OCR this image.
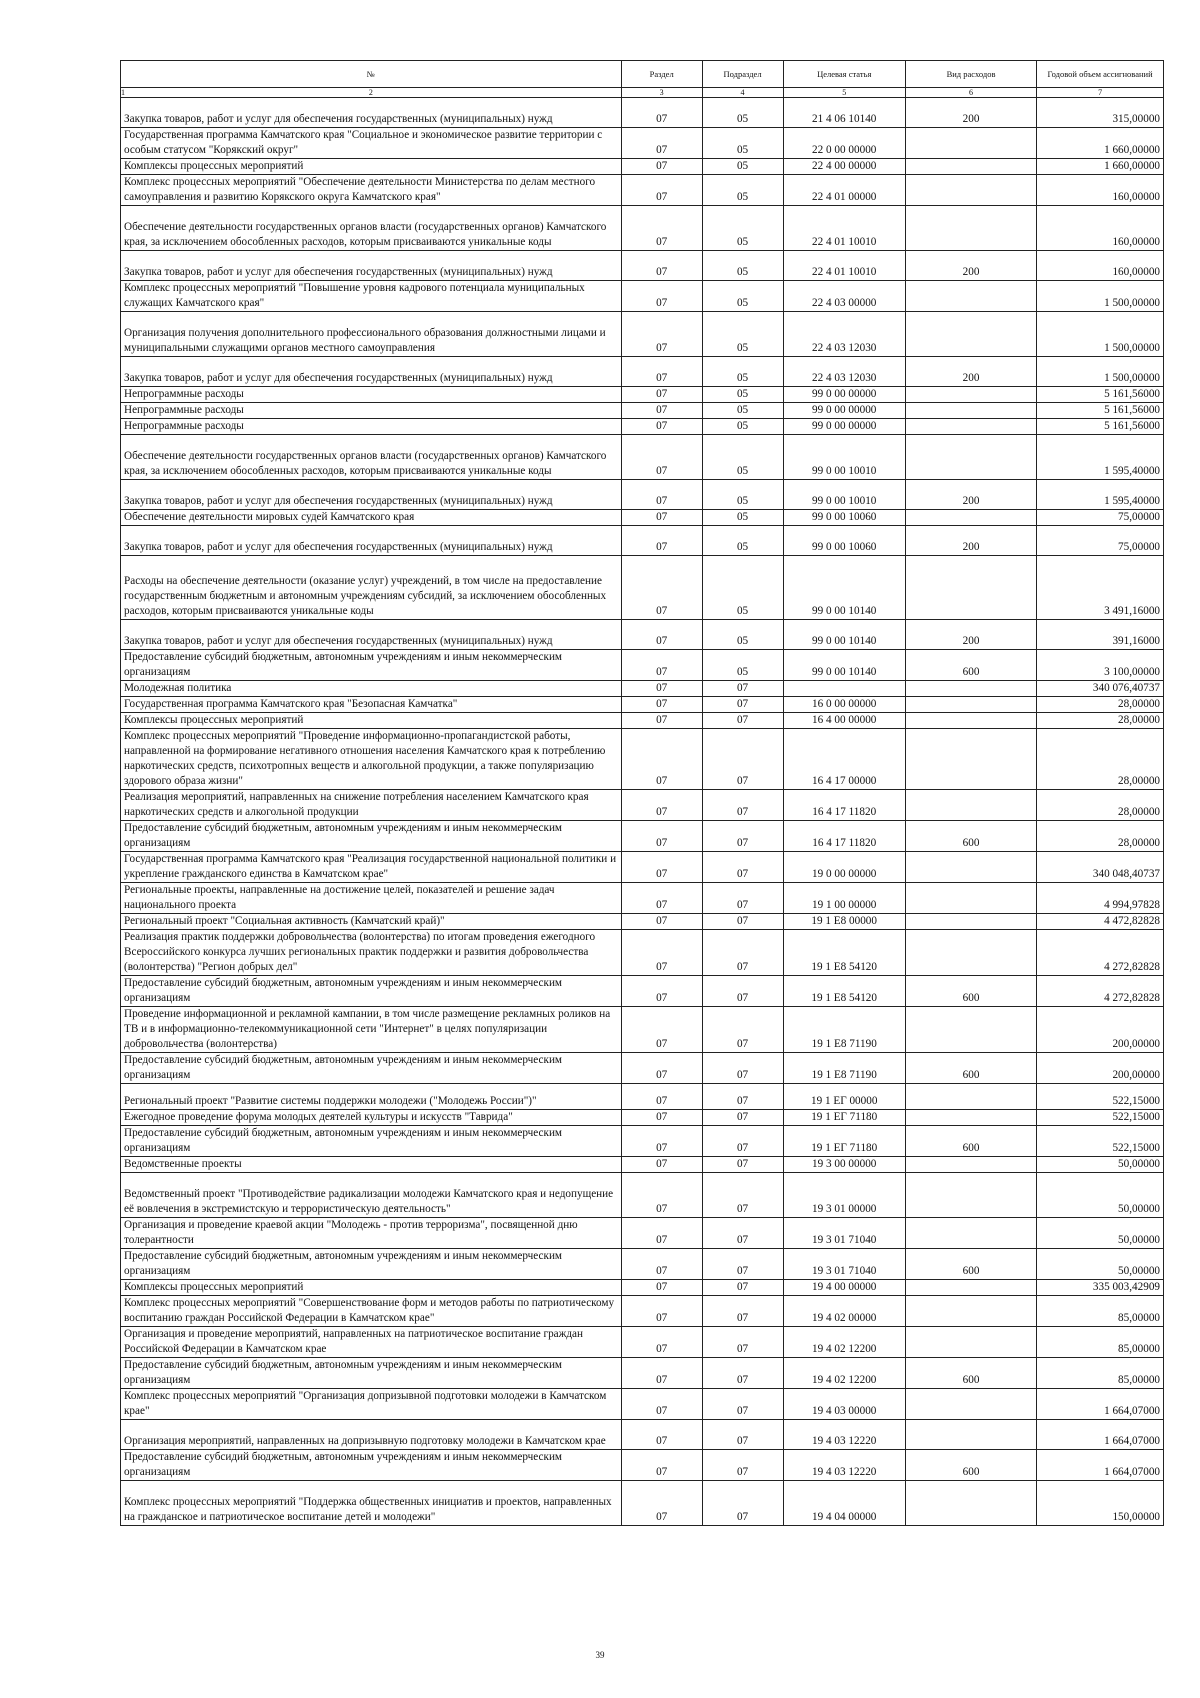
№	Раздел	Подраздел	Целевая статья	Вид расходов	Годовой объем ассигнований
1	2	3	4	5	6	7
	Закупка товаров, работ и услуг для обеспечения государственных (муниципальных) нужд	07	05	21 4 06 10140	200	315,00000
	Государственная программа Камчатского края "Социальное и экономическое развитие территории с особым статусом "Корякский округ"	07	05	22 0 00 00000		1 660,00000
	Комплексы процессных мероприятий	07	05	22 4 00 00000		1 660,00000
	Комплекс процессных мероприятий "Обеспечение деятельности Министерства по делам местного самоуправления и развитию Корякского округа Камчатского края"	07	05	22 4 01 00000		160,00000
	Обеспечение деятельности государственных органов власти (государственных органов) Камчатского края, за исключением обособленных расходов, которым присваиваются уникальные коды	07	05	22 4 01 10010		160,00000
	Закупка товаров, работ и услуг для обеспечения государственных (муниципальных) нужд	07	05	22 4 01 10010	200	160,00000
	Комплекс процессных мероприятий "Повышение уровня кадрового потенциала муниципальных служащих Камчатского края"	07	05	22 4 03 00000		1 500,00000
	Организация получения дополнительного профессионального образования должностными лицами и муниципальными служащими органов местного самоуправления	07	05	22 4 03 12030		1 500,00000
	Закупка товаров, работ и услуг для обеспечения государственных (муниципальных) нужд	07	05	22 4 03 12030	200	1 500,00000
	Непрограммные расходы	07	05	99 0 00 00000		5 161,56000
	Непрограммные расходы	07	05	99 0 00 00000		5 161,56000
	Непрограммные расходы	07	05	99 0 00 00000		5 161,56000
	Обеспечение деятельности государственных органов власти (государственных органов) Камчатского края, за исключением обособленных расходов, которым присваиваются уникальные коды	07	05	99 0 00 10010		1 595,40000
	Закупка товаров, работ и услуг для обеспечения государственных (муниципальных) нужд	07	05	99 0 00 10010	200	1 595,40000
	Обеспечение деятельности мировых судей Камчатского края	07	05	99 0 00 10060		75,00000
	Закупка товаров, работ и услуг для обеспечения государственных (муниципальных) нужд	07	05	99 0 00 10060	200	75,00000
	Расходы на обеспечение деятельности (оказание услуг) учреждений, в том числе на предоставление государственным бюджетным и автономным учреждениям субсидий, за исключением обособленных расходов, которым присваиваются уникальные коды	07	05	99 0 00 10140		3 491,16000
	Закупка товаров, работ и услуг для обеспечения государственных (муниципальных) нужд	07	05	99 0 00 10140	200	391,16000
	Предоставление субсидий бюджетным, автономным учреждениям и иным некоммерческим организациям	07	05	99 0 00 10140	600	3 100,00000
	Молодежная политика	07	07			340 076,40737
	Государственная программа Камчатского края "Безопасная Камчатка"	07	07	16 0 00 00000		28,00000
	Комплексы процессных мероприятий	07	07	16 4 00 00000		28,00000
	Комплекс процессных мероприятий "Проведение информационно-пропагандистской работы, направленной на формирование негативного отношения населения Камчатского края к потреблению наркотических средств, психотропных веществ и алкогольной продукции, а также популяризацию здорового образа жизни"	07	07	16 4 17 00000		28,00000
	Реализация мероприятий, направленных на снижение потребления населением Камчатского края наркотических средств и алкогольной продукции	07	07	16 4 17 11820		28,00000
	Предоставление субсидий бюджетным, автономным учреждениям и иным некоммерческим организациям	07	07	16 4 17 11820	600	28,00000
	Государственная программа Камчатского края "Реализация государственной национальной политики и укрепление гражданского единства в Камчатском крае"	07	07	19 0 00 00000		340 048,40737
	Региональные проекты, направленные на достижение целей, показателей и решение задач национального проекта	07	07	19 1 00 00000		4 994,97828
	Региональный проект "Социальная активность (Камчатский край)"	07	07	19 1 Е8 00000		4 472,82828
	Реализация практик поддержки добровольчества (волонтерства) по итогам проведения ежегодного Всероссийского конкурса лучших региональных практик поддержки и развития добровольчества (волонтерства) "Регион добрых дел"	07	07	19 1 Е8 54120		4 272,82828
	Предоставление субсидий бюджетным, автономным учреждениям и иным некоммерческим организациям	07	07	19 1 Е8 54120	600	4 272,82828
	Проведение информационной и рекламной кампании, в том числе размещение рекламных роликов на ТВ и в информационно-телекоммуникационной сети "Интернет" в целях популяризации добровольчества (волонтерства)	07	07	19 1 Е8 71190		200,00000
	Предоставление субсидий бюджетным, автономным учреждениям и иным некоммерческим организациям	07	07	19 1 Е8 71190	600	200,00000
	Региональный проект "Развитие системы поддержки молодежи ("Молодежь России")"	07	07	19 1 ЕГ 00000		522,15000
	Ежегодное проведение форума молодых деятелей культуры и искусств "Таврида"	07	07	19 1 ЕГ 71180		522,15000
	Предоставление субсидий бюджетным, автономным учреждениям и иным некоммерческим организациям	07	07	19 1 ЕГ 71180	600	522,15000
	Ведомственные проекты	07	07	19 3 00 00000		50,00000
	Ведомственный проект "Противодействие радикализации молодежи Камчатского края и недопущение её вовлечения в экстремистскую и террористическую деятельность"	07	07	19 3 01 00000		50,00000
	Организация и проведение краевой акции "Молодежь - против терроризма", посвященной дню толерантности	07	07	19 3 01 71040		50,00000
	Предоставление субсидий бюджетным, автономным учреждениям и иным некоммерческим организациям	07	07	19 3 01 71040	600	50,00000
	Комплексы процессных мероприятий	07	07	19 4 00 00000		335 003,42909
	Комплекс процессных мероприятий "Совершенствование форм и методов работы по патриотическому воспитанию граждан Российской Федерации в Камчатском крае"	07	07	19 4 02 00000		85,00000
	Организация и проведение мероприятий, направленных на патриотическое воспитание граждан Российской Федерации в Камчатском крае	07	07	19 4 02 12200		85,00000
	Предоставление субсидий бюджетным, автономным учреждениям и иным некоммерческим организациям	07	07	19 4 02 12200	600	85,00000
	Комплекс процессных мероприятий "Организация допризывной подготовки молодежи в Камчатском крае"	07	07	19 4 03 00000		1 664,07000
	Организация мероприятий, направленных на допризывную подготовку молодежи в Камчатском крае	07	07	19 4 03 12220		1 664,07000
	Предоставление субсидий бюджетным, автономным учреждениям и иным некоммерческим организациям	07	07	19 4 03 12220	600	1 664,07000
	Комплекс процессных мероприятий "Поддержка общественных инициатив и проектов, направленных на гражданское и патриотическое воспитание детей и молодежи"	07	07	19 4 04 00000		150,00000
39
